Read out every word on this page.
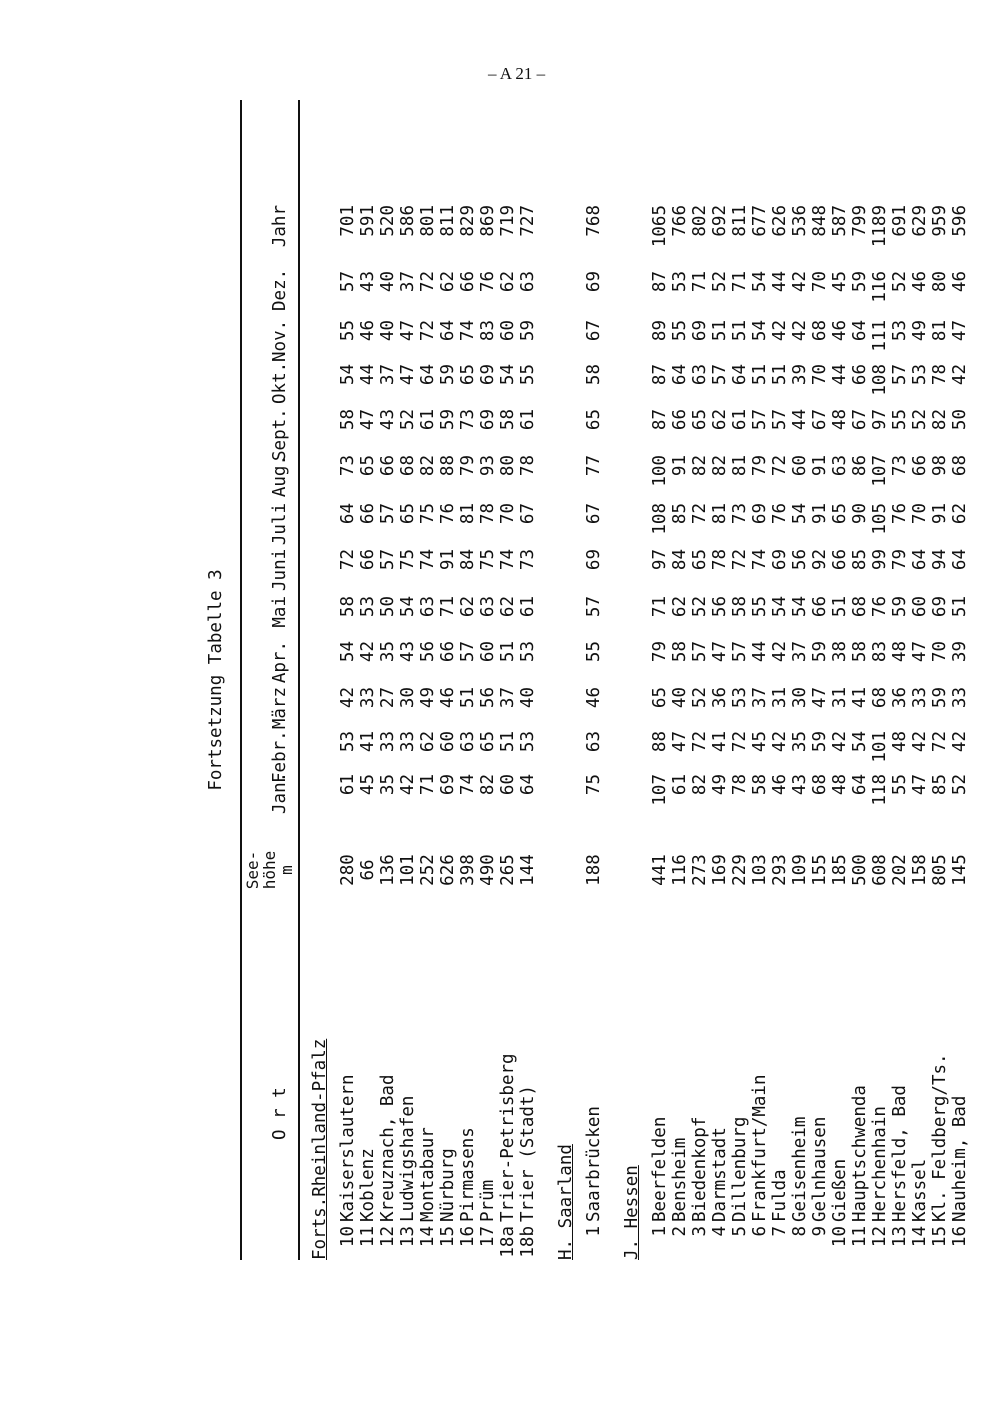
– A 21 –
Fortsetzung Tabelle 3
O r t
See-
höhe
m
Jan.
Febr.
März
Apr.
Mai
Juni
Juli
Aug.
Sept.
Okt.
Nov.
Dez.
Jahr
Forts.Rheinland-Pfalz 10
Kaiserslautern
280
61
53
42
54
58
72
64
73
58
54
55
57
701
11
Koblenz
66
45
41
33
42
53
66
66
65
47
44
46
43
591
12
Kreuznach, Bad
136
35
33
27
35
50
57
57
66
43
37
40
40
520
13
Ludwigshafen
101
42
33
30
43
54
75
65
68
52
47
47
37
586
14
Montabaur
252
71
62
49
56
63
74
75
82
61
64
72
72
801
15
Nürburg
626
69
60
46
66
71
91
76
88
59
59
64
62
811
16
Pirmasens
398
74
63
51
57
62
84
81
79
73
65
74
66
829
17
Prüm
490
82
65
56
60
63
75
78
93
69
69
83
76
869
18a
Trier-Petrisberg
265
60
51
37
51
62
74
70
80
58
54
60
62
719
18b
Trier (Stadt)
144
64
53
40
53
61
73
67
78
61
55
59
63
727
H. Saarland 1
Saarbrücken
188
75
63
46
55
57
69
67
77
65
58
67
69
768
J. Hessen 1
Beerfelden
441
107
88
65
79
71
97
108
100
87
87
89
87
1065
2
Bensheim
116
61
47
40
58
62
84
85
91
66
64
55
53
766
3
Biedenkopf
273
82
72
52
57
52
65
72
82
65
63
69
71
802
4
Darmstadt
169
49
41
36
47
56
78
81
82
62
57
51
52
692
5
Dillenburg
229
78
72
53
57
58
72
73
81
61
64
51
71
811
6
Frankfurt/Main
103
58
45
37
44
55
74
69
79
57
51
54
54
677
7
Fulda
293
46
42
31
42
54
69
76
72
57
51
42
44
626
8
Geisenheim
109
43
35
30
37
54
56
54
60
44
39
42
42
536
9
Gelnhausen
155
68
59
47
59
66
92
91
91
67
70
68
70
848
10
Gießen
185
48
42
31
38
51
66
65
63
48
44
46
45
587
11
Hauptschwenda
500
64
54
41
58
68
85
90
86
67
66
64
59
799
12
Herchenhain
608
118
101
68
83
76
99
105
107
97
108
111
116
1189
13
Hersfeld, Bad
202
55
48
36
48
59
79
76
73
55
57
53
52
691
14
Kassel
158
47
42
33
47
60
64
70
66
52
53
49
46
629
15
Kl. Feldberg/Ts.
805
85
72
59
70
69
94
91
98
82
78
81
80
959
16
Nauheim, Bad
145
52
42
33
39
51
64
62
68
50
42
47
46
596
